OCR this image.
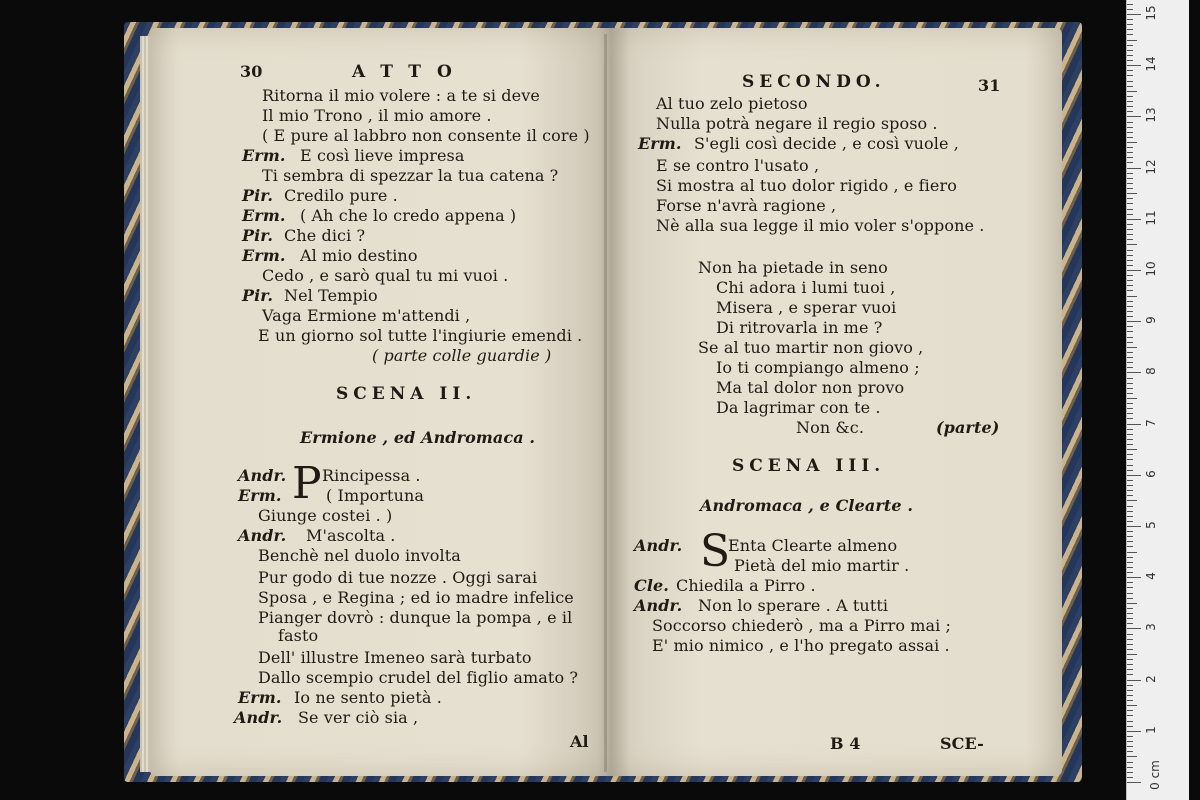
30	ATTO
Ritorna il mio volere : a te si deve
Il mio Trono , il mio amore .
( E pure al labbro non consente il core )
Erm. E così lieve impresa
Ti sembra di spezzar la tua catena ?
Pir. Credilo pure .
Erm. ( Ah che lo credo appena )
Pir. Che dici ?
Erm. Al mio destino
Cedo , e sarò qual tu mi vuoi .
Pir. Nel Tempio
Vaga Ermione m'attendi ,
E un giorno sol tutte l'ingiurie emendi .
( parte colle guardie )
SCENA II.
Ermione , ed Andromaca .
Andr. P Rincipessa .
Erm.	( Importuna
Giunge costei . )
Andr. M'ascolta .
Benchè nel duolo involta
Pur godo di tue nozze . Oggi sarai
Sposa , e Regina ; ed io madre infelice
Pianger dovrò : dunque la pompa , e il
fasto
Dell' illustre Imeneo sarà turbato
Dallo scempio crudel del figlio amato ?
Erm. Io ne sento pietà .
Andr. Se ver ciò sia ,
Al
SECONDO.	31
Al tuo zelo pietoso
Nulla potrà negare il regio sposo .
Erm. S'egli così decide , e così vuole ,
E se contro l'usato ,
Si mostra al tuo dolor rigido , e fiero
Forse n'avrà ragione ,
Nè alla sua legge il mio voler s'oppone .
Non ha pietade in seno
Chi adora i lumi tuoi ,
Misera , e sperar vuoi
Di ritrovarla in me ?
Se al tuo martir non giovo ,
Io ti compiango almeno ;
Ma tal dolor non provo
Da lagrimar con te .
Non &c.	(parte)
SCENA III.
Andromaca , e Clearte .
Andr. S
Enta Clearte almeno
Pietà del mio martir .
Cle. Chiedila a Pirro .
Andr. Non lo sperare . A tutti
Soccorso chiederò , ma a Pirro mai ;
E' mio nimico , e l'ho pregato assai .
B 4	SCE-
0 cm
1
2
3
4
5
6
7
8
9
10
11
12
13
14
15
